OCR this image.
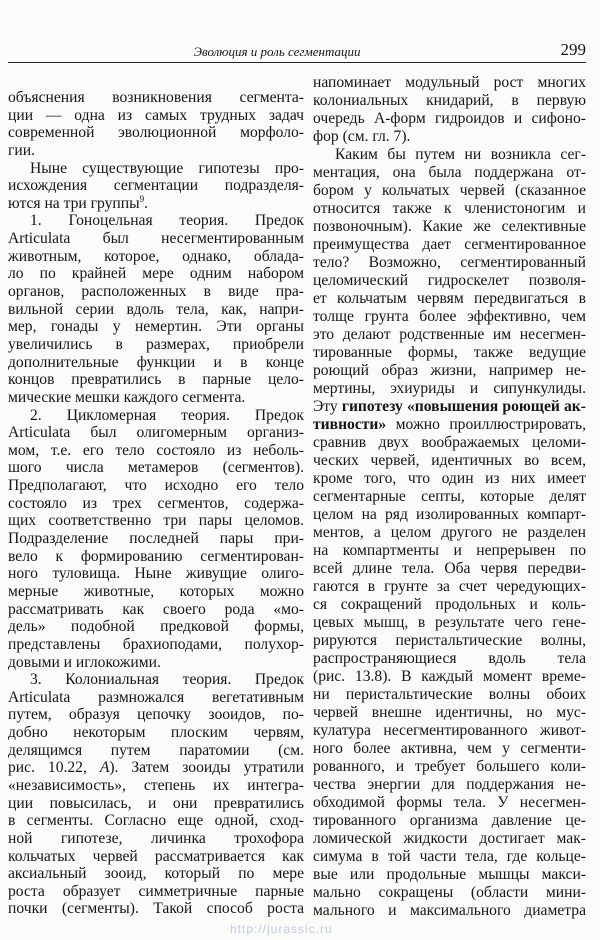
Эволюция и роль сегментации	299
объяснения возникновения сегмента-
ции — одна из самых трудных задач
современной эволюционной морфоло-
гии.
Ныне существующие гипотезы про-
исхождения сегментации подразделя-
ются на три группы$^9$.
1. Гоноцельная теория. Предок
Articulata был несегментированным
животным, которое, однако, облада-
ло по крайней мере одним набором
органов, расположенных в виде пра-
вильной серии вдоль тела, как, напри-
мер, гонады у немертин. Эти органы
увеличились в размерах, приобрели
дополнительные функции и в конце
концов превратились в парные цело-
мические мешки каждого сегмента.
2. Цикломерная теория. Предок
Articulata был олигомерным организ-
мом, т.е. его тело состояло из неболь-
шого числа метамеров (сегментов).
Предполагают, что исходно его тело
состояло из трех сегментов, содержа-
щих соответственно три пары целомов.
Подразделение последней пары при-
вело к формированию сегментирован-
ного туловища. Ныне живущие олиго-
мерные животные, которых можно
рассматривать как своего рода «мо-
дель» подобной предковой формы,
представлены брахиоподами, полухор-
довыми и иглокожими.
3. Колониальная теория. Предок
Articulata размножался вегетативным
путем, образуя цепочку зооидов, по-
добно некоторым плоским червям,
делящимся путем паратомии (см.
рис. 10.22, А). Затем зооиды утратили
«независимость», степень их интегра-
ции повысилась, и они превратились
в сегменты. Согласно еще одной, сход-
ной гипотезе, личинка трохофора
кольчатых червей рассматривается как
аксиальный зооид, который по мере
роста образует симметричные парные
почки (сегменты). Такой способ роста
напоминает модульный рост многих
колониальных книдарий, в первую
очередь А-форм гидроидов и сифоно-
фор (см. гл. 7).
Каким бы путем ни возникла сег-
ментация, она была поддержана от-
бором у кольчатых червей (сказанное
относится также к членистоногим и
позвоночным). Какие же селективные
преимущества дает сегментированное
тело? Возможно, сегментированный
целомический гидроскелет позволя-
ет кольчатым червям передвигаться в
толще грунта более эффективно, чем
это делают родственные им несегмен-
тированные формы, также ведущие
роющий образ жизни, например не-
мертины, эхиуриды и сипункулиды.
Эту гипотезу «повышения роющей ак-
тивности» можно проиллюстрировать,
сравнив двух воображаемых целоми-
ческих червей, идентичных во всем,
кроме того, что один из них имеет
сегментарные септы, которые делят
целом на ряд изолированных компарт-
ментов, а целом другого не разделен
на компартменты и непрерывен по
всей длине тела. Оба червя передви-
гаются в грунте за счет чередующих-
ся сокращений продольных и коль-
цевых мышц, в результате чего гене-
рируются перистальтические волны,
распространяющиеся вдоль тела
(рис. 13.8). В каждый момент време-
ни перистальтические волны обоих
червей внешне идентичны, но мус-
кулатура несегментированного живот-
ного более активна, чем у сегменти-
рованного, и требует большего коли-
чества энергии для поддержания не-
обходимой формы тела. У несегмен-
тированного организма давление це-
ломической жидкости достигает мак-
симума в той части тела, где кольце-
вые или продольные мышцы макси-
мально сокращены (области мини-
мального и максимального диаметра
http://jurassic.ru
